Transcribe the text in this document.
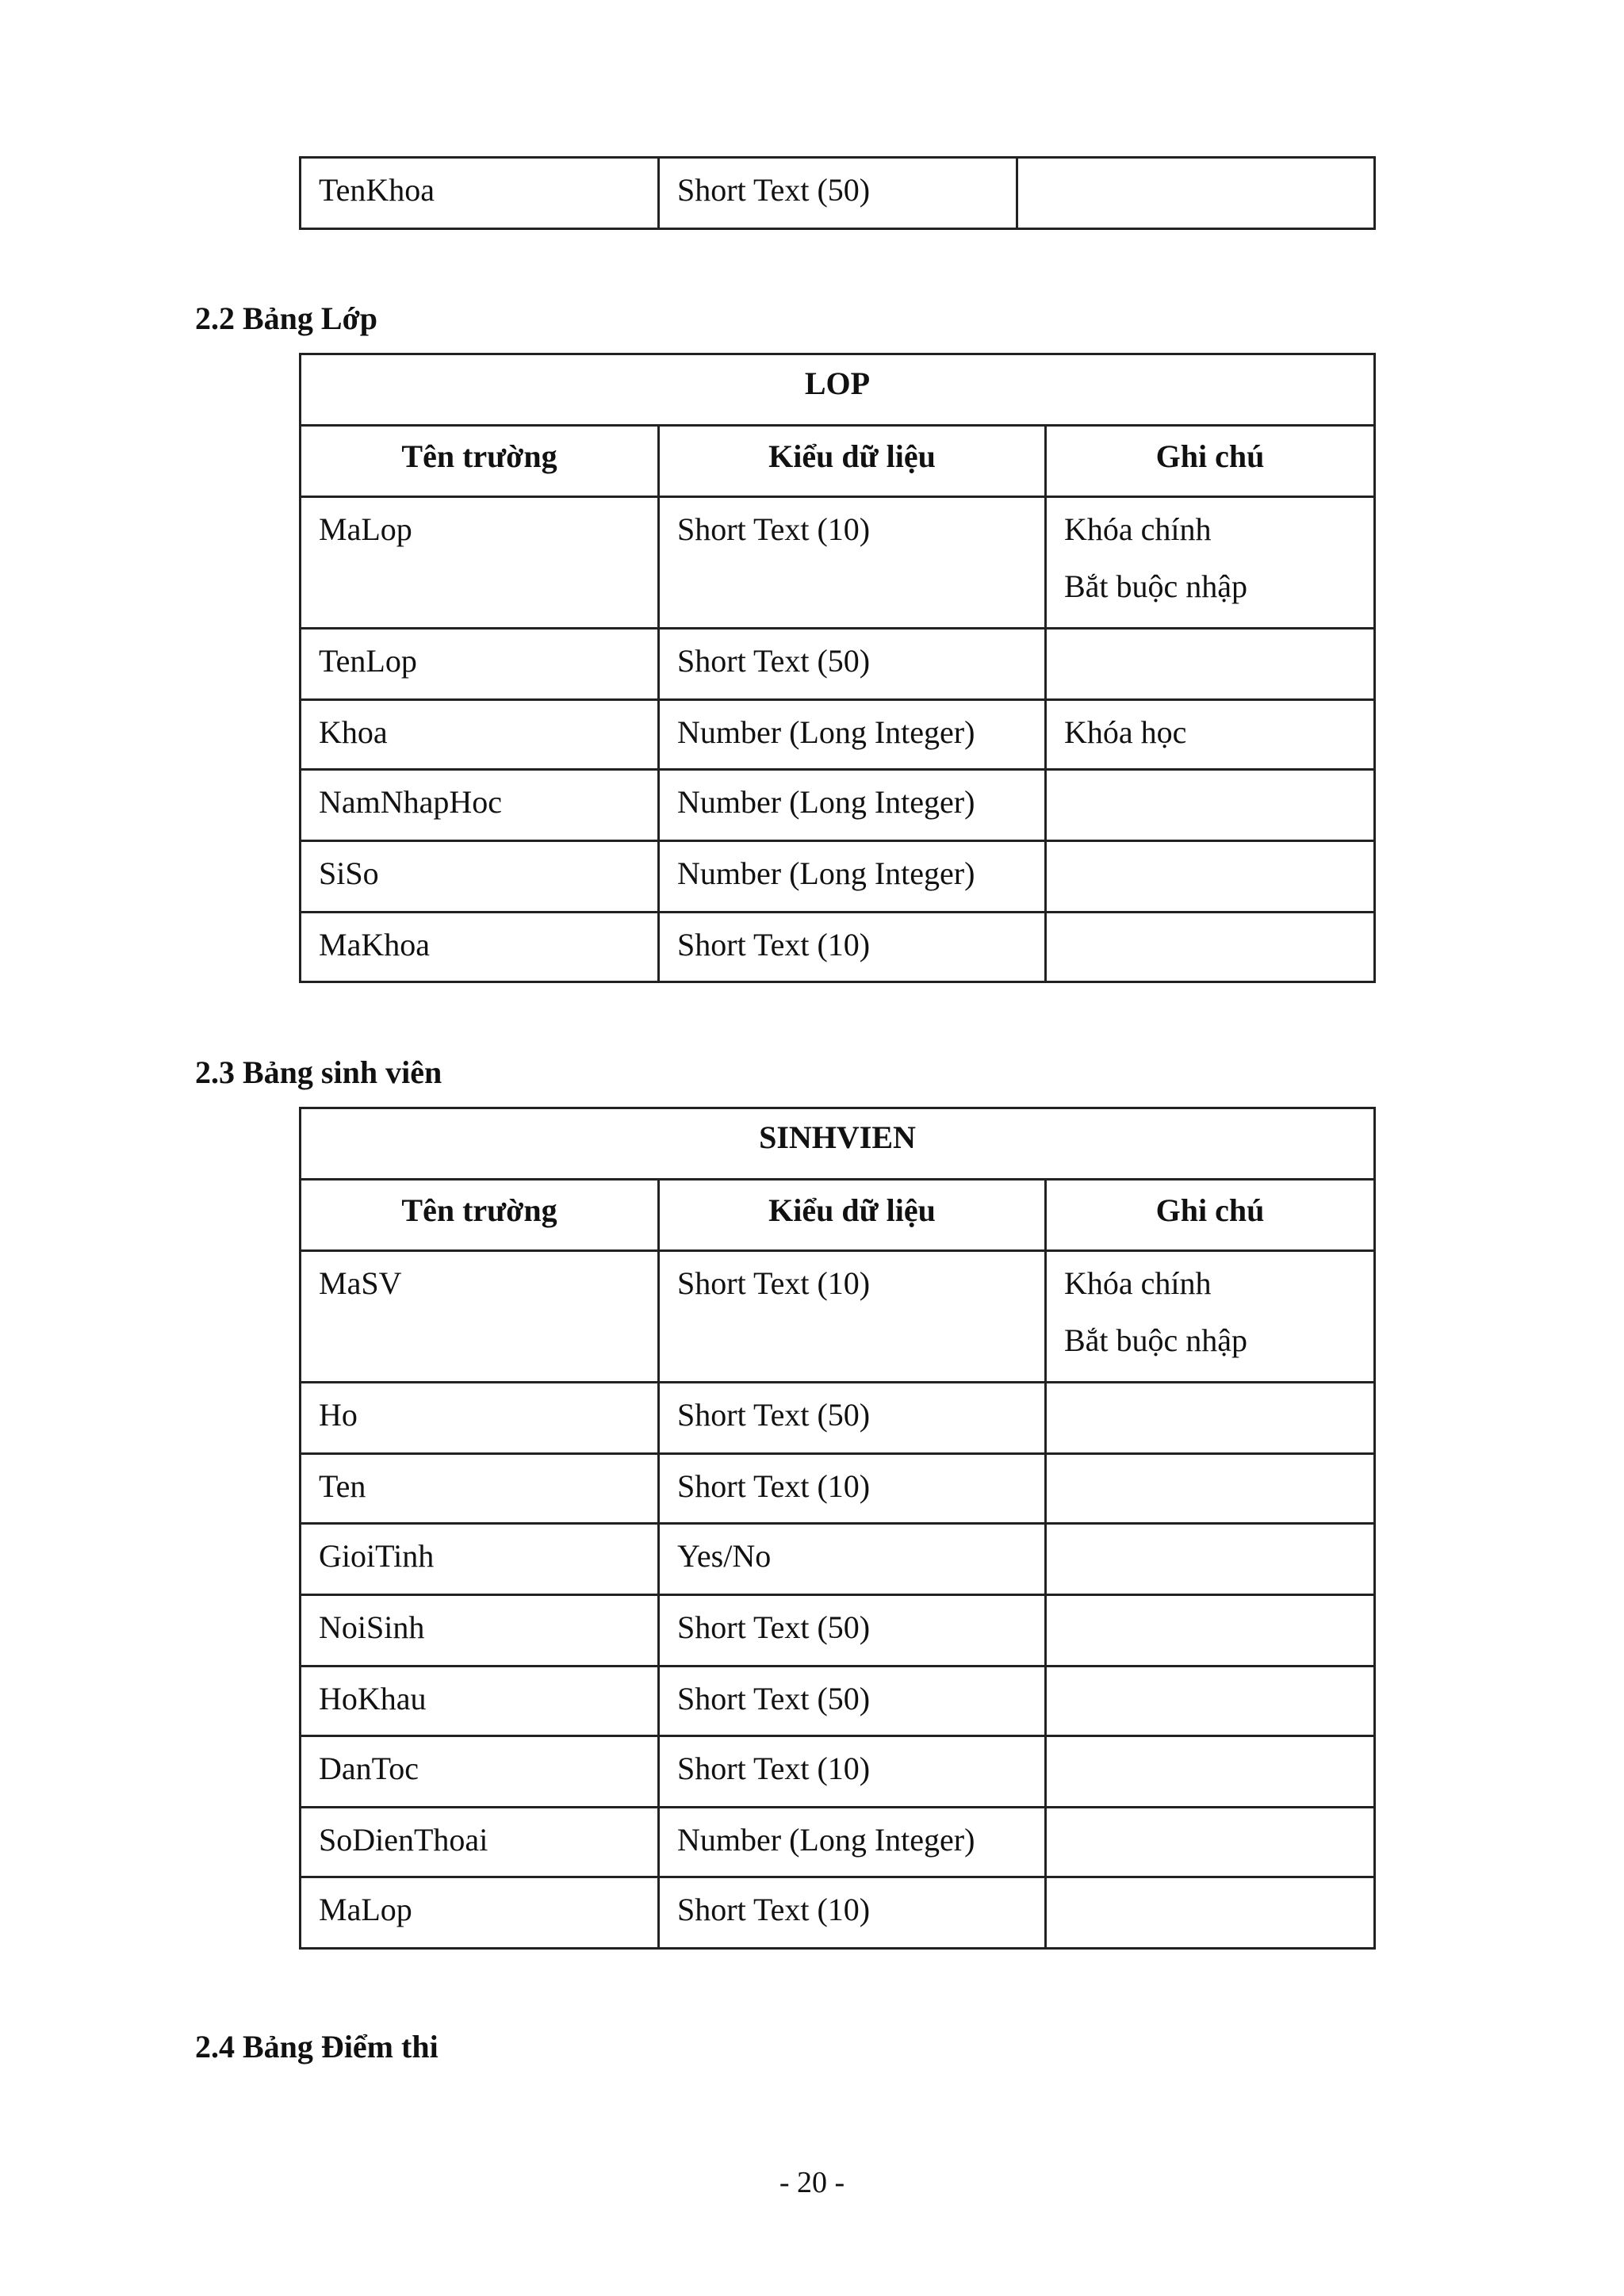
TenKhoa	Short Text (50)

2.2 Bảng Lớp
LOP		
Tên trường	Kiểu dữ liệu	Ghi chú

MaLop	Short Text (10)	Khóa chính
Bắt buộc nhập

TenLop	Short Text (50)	

Khoa	Number (Long Integer)	Khóa học

NamNhapHoc	Number (Long Integer)	

SiSo	Number (Long Integer)	

MaKhoa	Short Text (10)	

2.3 Bảng sinh viên
SINHVIEN		
Tên trường	Kiểu dữ liệu	Ghi chú

MaSV	Short Text (10)	Khóa chính
Bắt buộc nhập

Ho	Short Text (50)	

Ten	Short Text (10)	

GioiTinh	Yes/No	

NoiSinh	Short Text (50)	

HoKhau	Short Text (50)	

DanToc	Short Text (10)	

SoDienThoai	Number (Long Integer)	

MaLop	Short Text (10)	

2.4 Bảng Điểm thi
- 20 -
